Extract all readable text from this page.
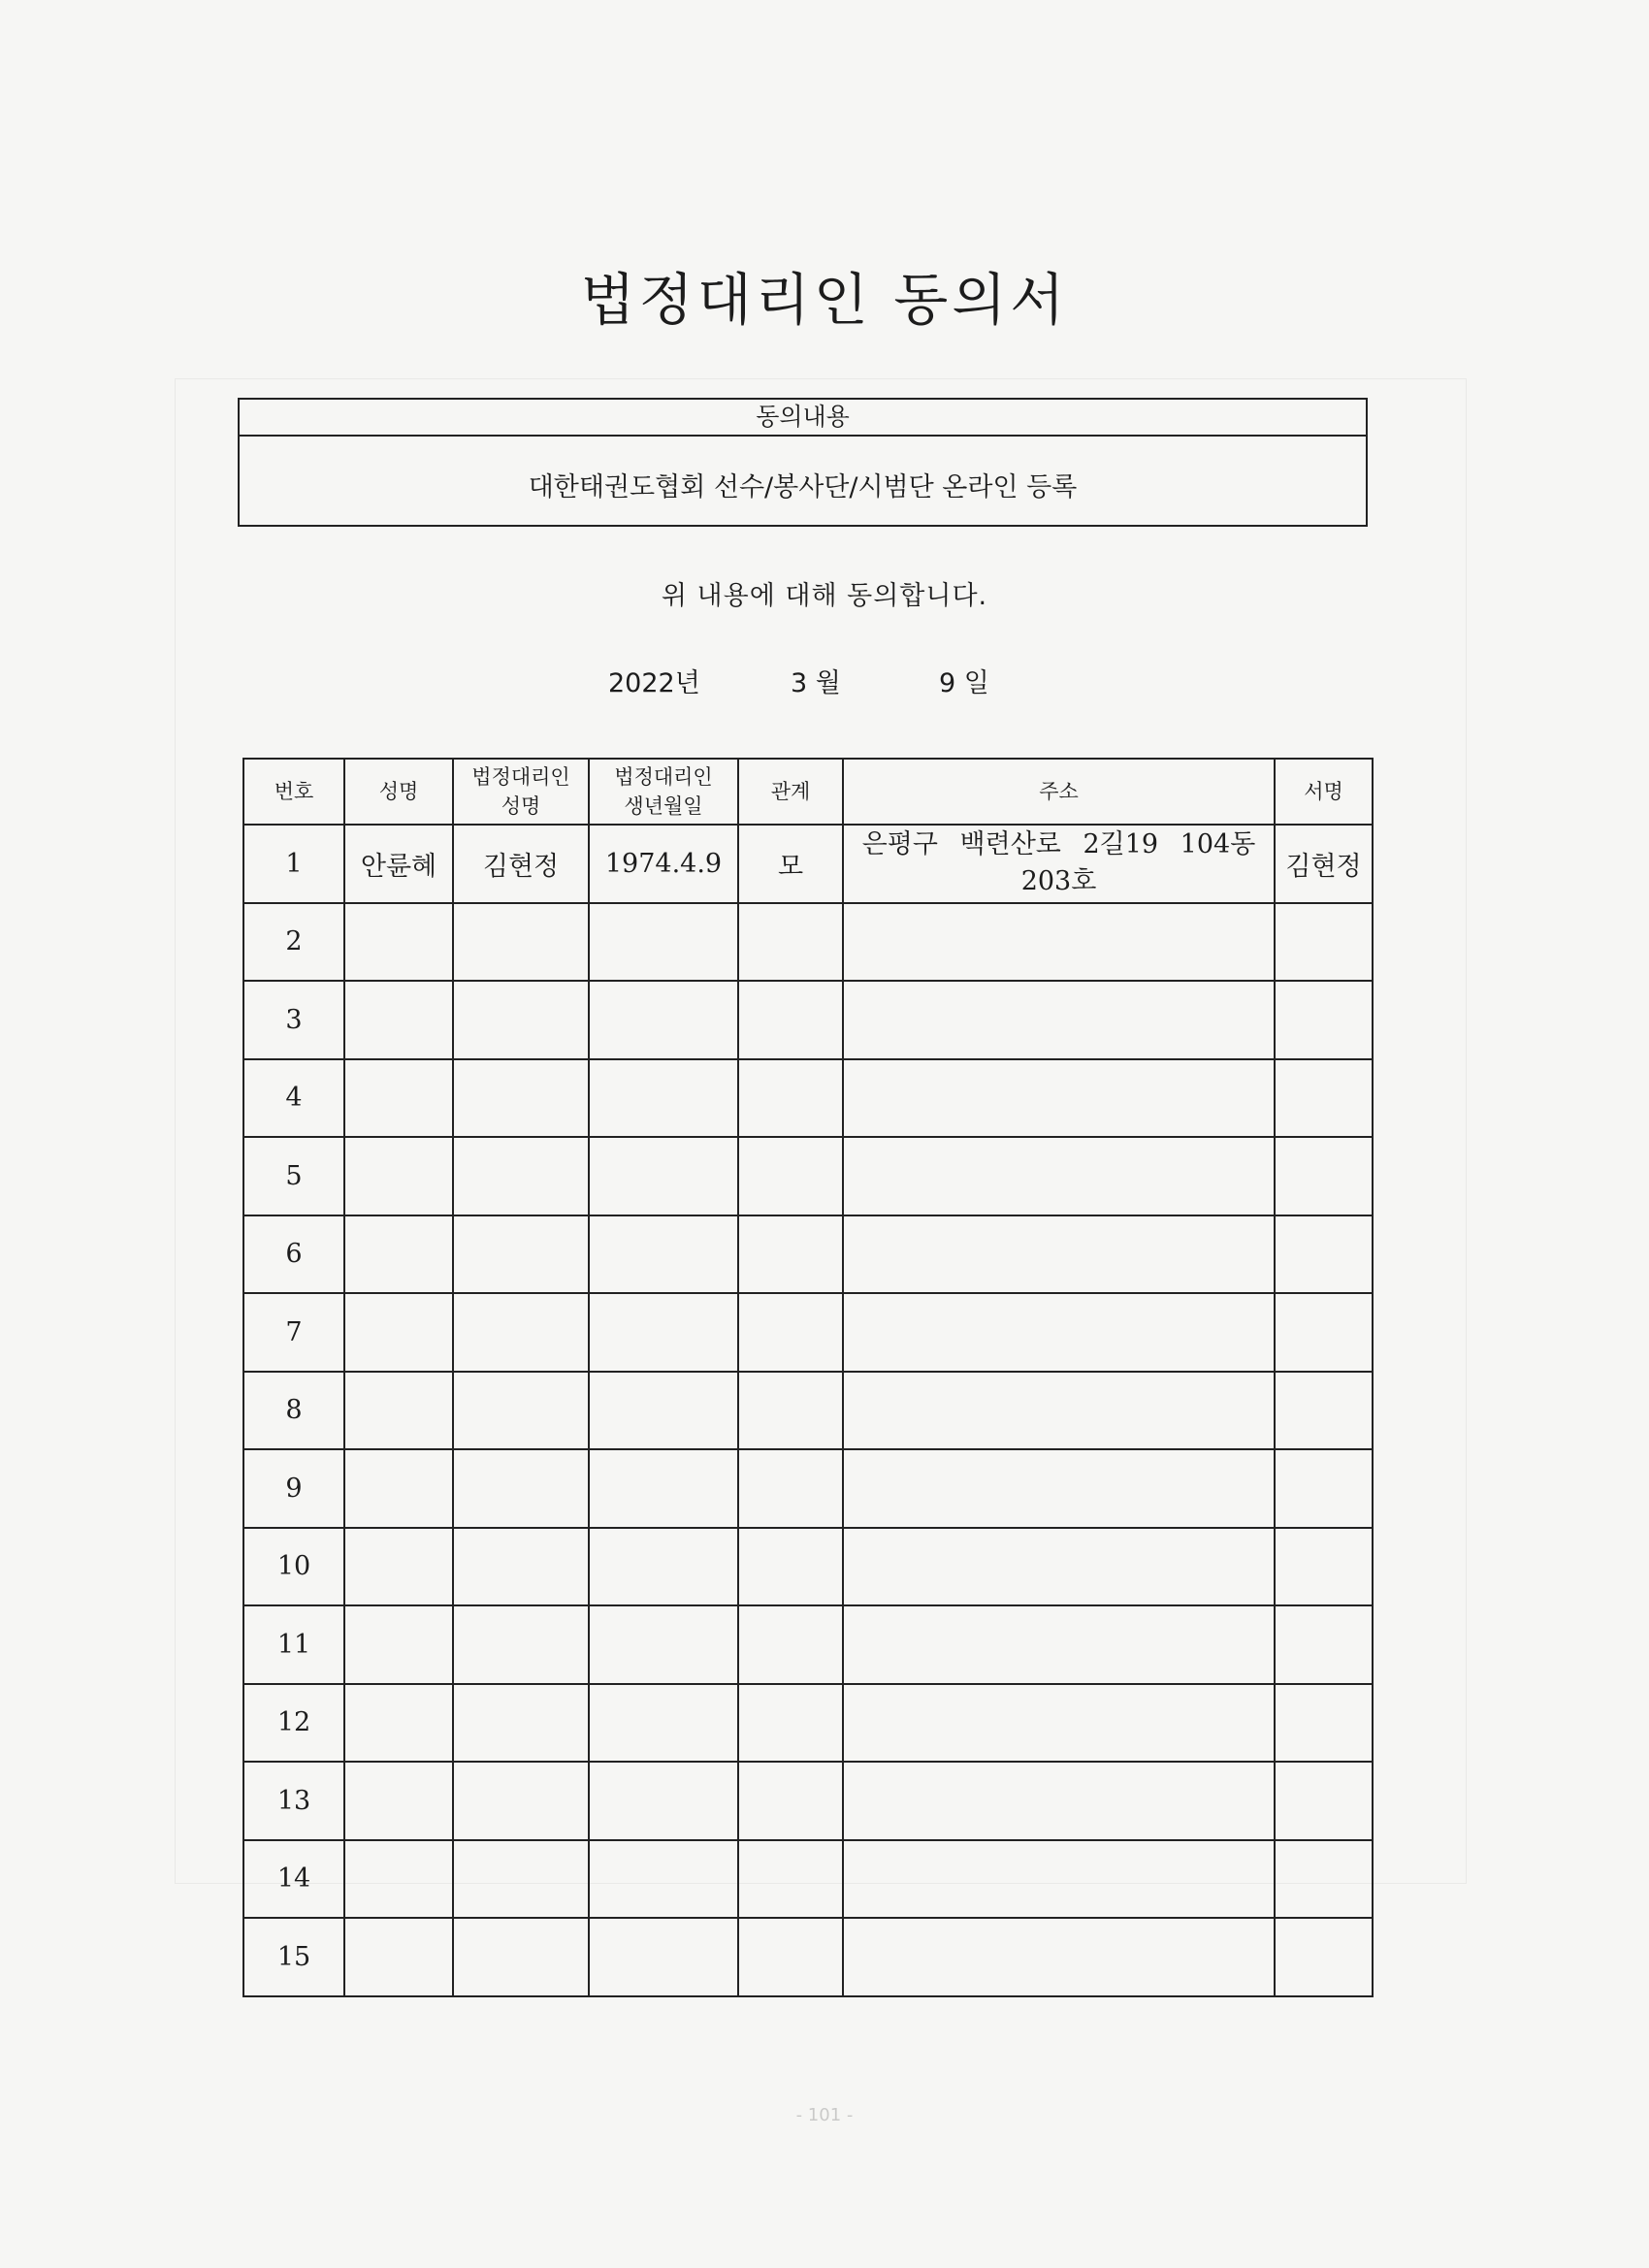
법정대리인 동의서
동의내용
대한태권도협회 선수/봉사단/시범단 온라인 등록
위 내용에 대해 동의합니다.
2022년	3 월	9 일
번호	성명	법정대리인 성명	법정대리인 생년월일	관계	주소	서명
1	안륜혜	김현정	1974.4.9	모	은평구 백련산로 2길19 104동 203호	김현정
2						
3						
4						
5						
6						
7						
8						
9						
10						
11						
12						
13						
14						
15						
- 101 -
